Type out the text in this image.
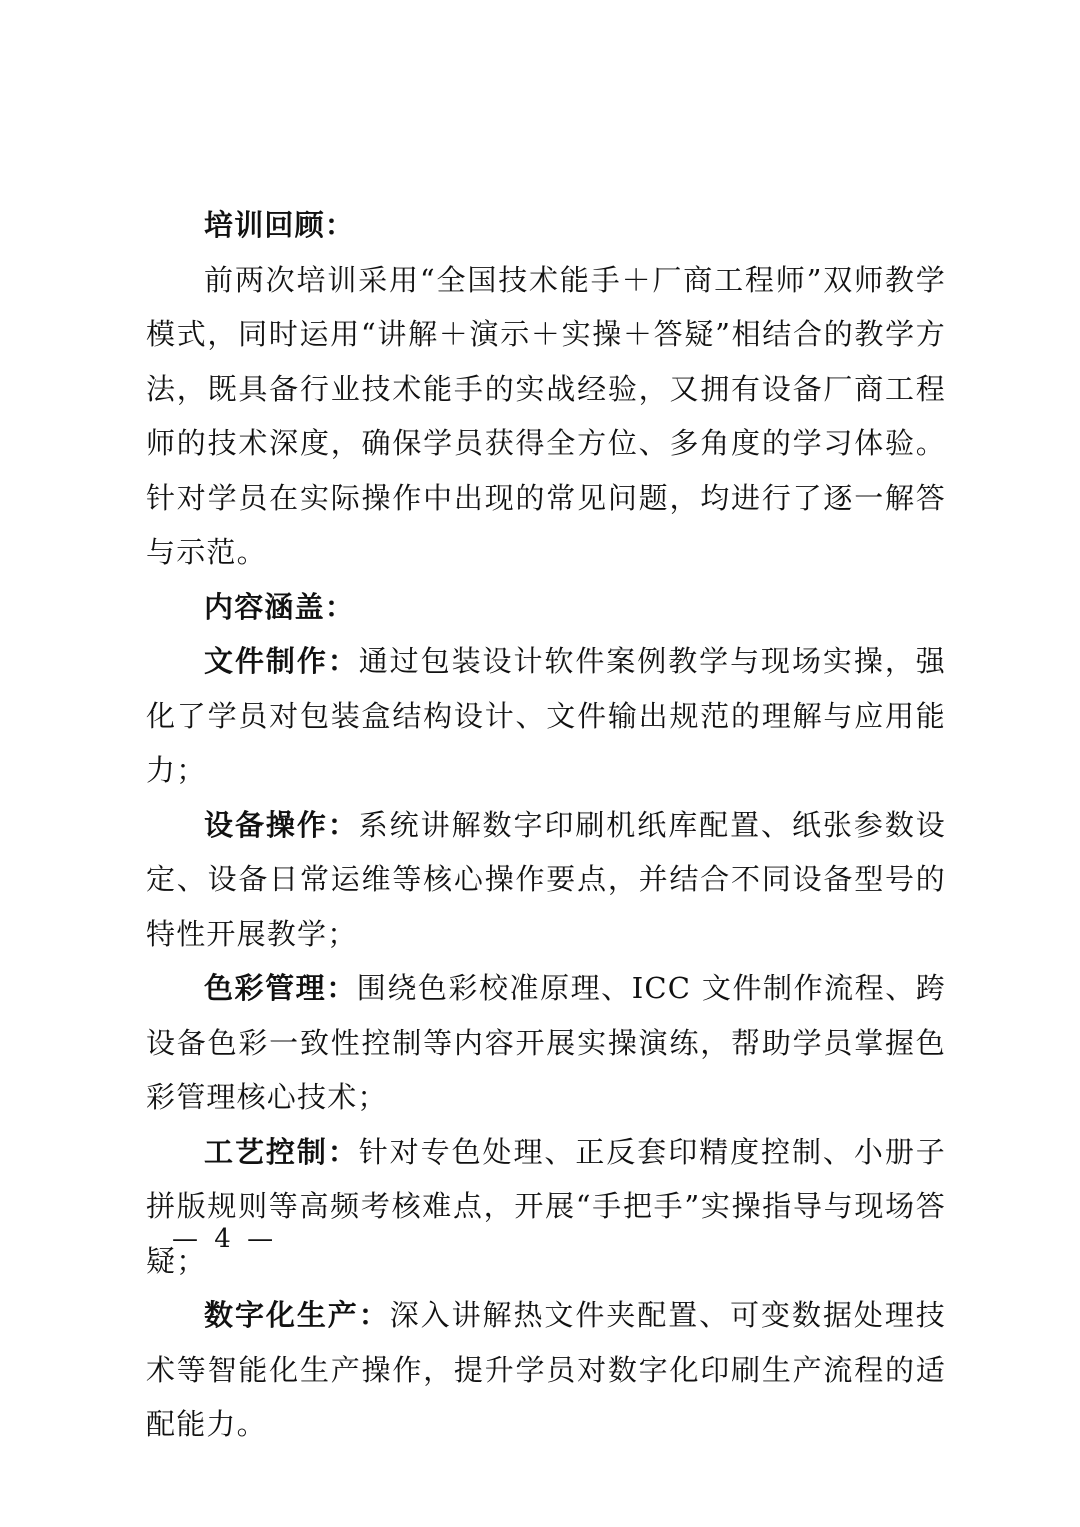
培训回顾：

前两次培训采用“全国技术能手＋厂商工程师”双师教学模式，同时运用“讲解＋演示＋实操＋答疑”相结合的教学方法，既具备行业技术能手的实战经验，又拥有设备厂商工程师的技术深度，确保学员获得全方位、多角度的学习体验。针对学员在实际操作中出现的常见问题，均进行了逐一解答与示范。

内容涵盖：

文件制作：通过包装设计软件案例教学与现场实操，强化了学员对包装盒结构设计、文件输出规范的理解与应用能力；

设备操作：系统讲解数字印刷机纸库配置、纸张参数设定、设备日常运维等核心操作要点，并结合不同设备型号的特性开展教学；

色彩管理：围绕色彩校准原理、ICC 文件制作流程、跨设备色彩一致性控制等内容开展实操演练，帮助学员掌握色彩管理核心技术；

工艺控制：针对专色处理、正反套印精度控制、小册子拼版规则等高频考核难点，开展“手把手”实操指导与现场答疑；

数字化生产：深入讲解热文件夹配置、可变数据处理技术等智能化生产操作，提升学员对数字化印刷生产流程的适配能力。

— 4 —
